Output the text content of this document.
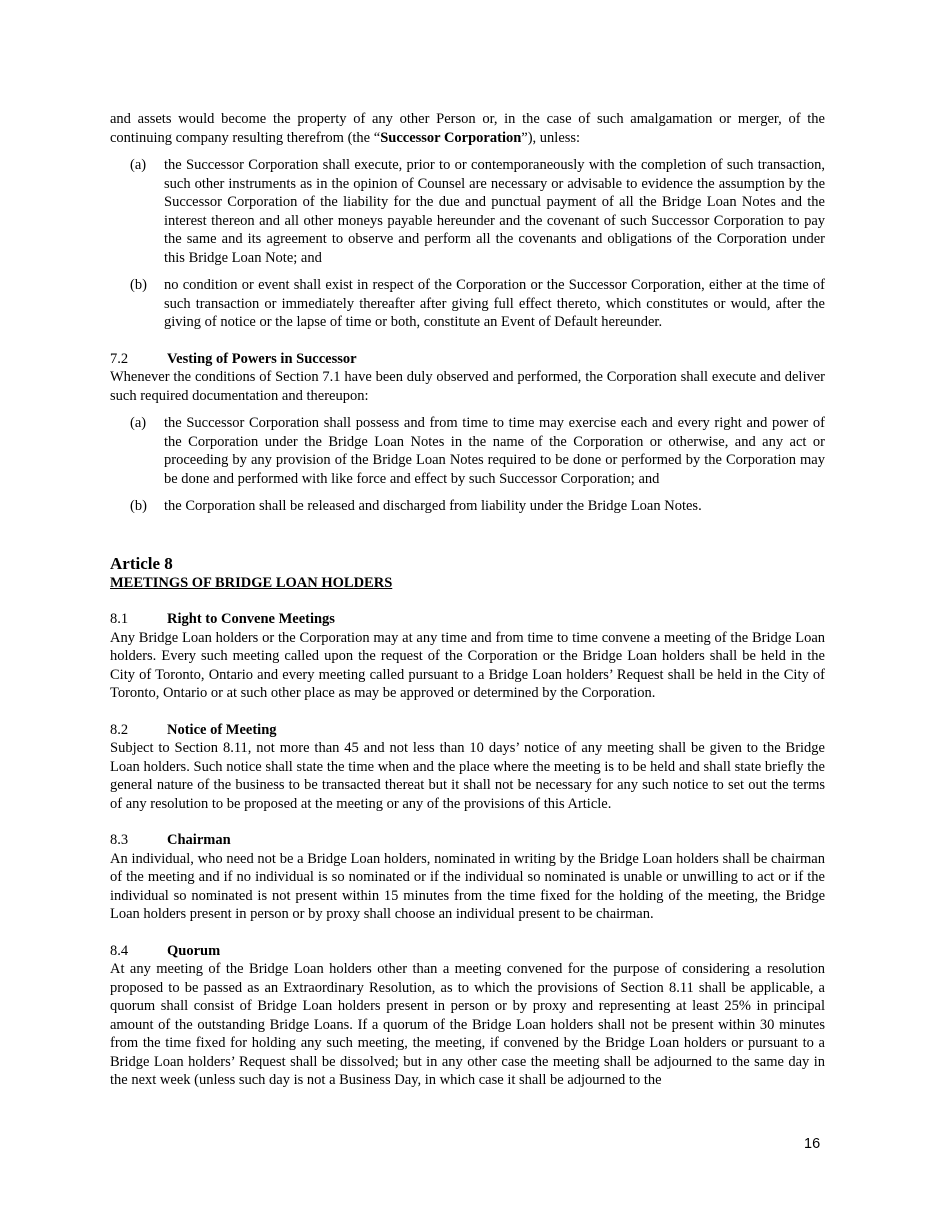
and assets would become the property of any other Person or, in the case of such amalgamation or merger, of the continuing company resulting therefrom (the “Successor Corporation”), unless:

(a)	the Successor Corporation shall execute, prior to or contemporaneously with the completion of such transaction, such other instruments as in the opinion of Counsel are necessary or advisable to evidence the assumption by the Successor Corporation of the liability for the due and punctual payment of all the Bridge Loan Notes and the interest thereon and all other moneys payable hereunder and the covenant of such Successor Corporation to pay the same and its agreement to observe and perform all the covenants and obligations of the Corporation under this Bridge Loan Note; and
(b)	no condition or event shall exist in respect of the Corporation or the Successor Corporation, either at the time of such transaction or immediately thereafter after giving full effect thereto, which constitutes or would, after the giving of notice or the lapse of time or both, constitute an Event of Default hereunder.
7.2	Vesting of Powers in Successor

Whenever the conditions of Section 7.1 have been duly observed and performed, the Corporation shall execute and deliver such required documentation and thereupon:

(a)	the Successor Corporation shall possess and from time to time may exercise each and every right and power of the Corporation under the Bridge Loan Notes in the name of the Corporation or otherwise, and any act or proceeding by any provision of the Bridge Loan Notes required to be done or performed by the Corporation may be done and performed with like force and effect by such Successor Corporation; and
(b)	the Corporation shall be released and discharged from liability under the Bridge Loan Notes.
Article 8
MEETINGS OF BRIDGE LOAN HOLDERS
8.1	Right to Convene Meetings

Any Bridge Loan holders or the Corporation may at any time and from time to time convene a meeting of the Bridge Loan holders. Every such meeting called upon the request of the Corporation or the Bridge Loan holders shall be held in the City of Toronto, Ontario and every meeting called pursuant to a Bridge Loan holders’ Request shall be held in the City of Toronto, Ontario or at such other place as may be approved or determined by the Corporation.

8.2	Notice of Meeting

Subject to Section 8.11, not more than 45 and not less than 10 days’ notice of any meeting shall be given to the Bridge Loan holders. Such notice shall state the time when and the place where the meeting is to be held and shall state briefly the general nature of the business to be transacted thereat but it shall not be necessary for any such notice to set out the terms of any resolution to be proposed at the meeting or any of the provisions of this Article.

8.3	Chairman

An individual, who need not be a Bridge Loan holders, nominated in writing by the Bridge Loan holders shall be chairman of the meeting and if no individual is so nominated or if the individual so nominated is unable or unwilling to act or if the individual so nominated is not present within 15 minutes from the time fixed for the holding of the meeting, the Bridge Loan holders present in person or by proxy shall choose an individual present to be chairman.

8.4	Quorum

At any meeting of the Bridge Loan holders other than a meeting convened for the purpose of considering a resolution proposed to be passed as an Extraordinary Resolution, as to which the provisions of Section 8.11 shall be applicable, a quorum shall consist of Bridge Loan holders present in person or by proxy and representing at least 25% in principal amount of the outstanding Bridge Loans. If a quorum of the Bridge Loan holders shall not be present within 30 minutes from the time fixed for holding any such meeting, the meeting, if convened by the Bridge Loan holders or pursuant to a Bridge Loan holders’ Request shall be dissolved; but in any other case the meeting shall be adjourned to the same day in the next week (unless such day is not a Business Day, in which case it shall be adjourned to the

16
